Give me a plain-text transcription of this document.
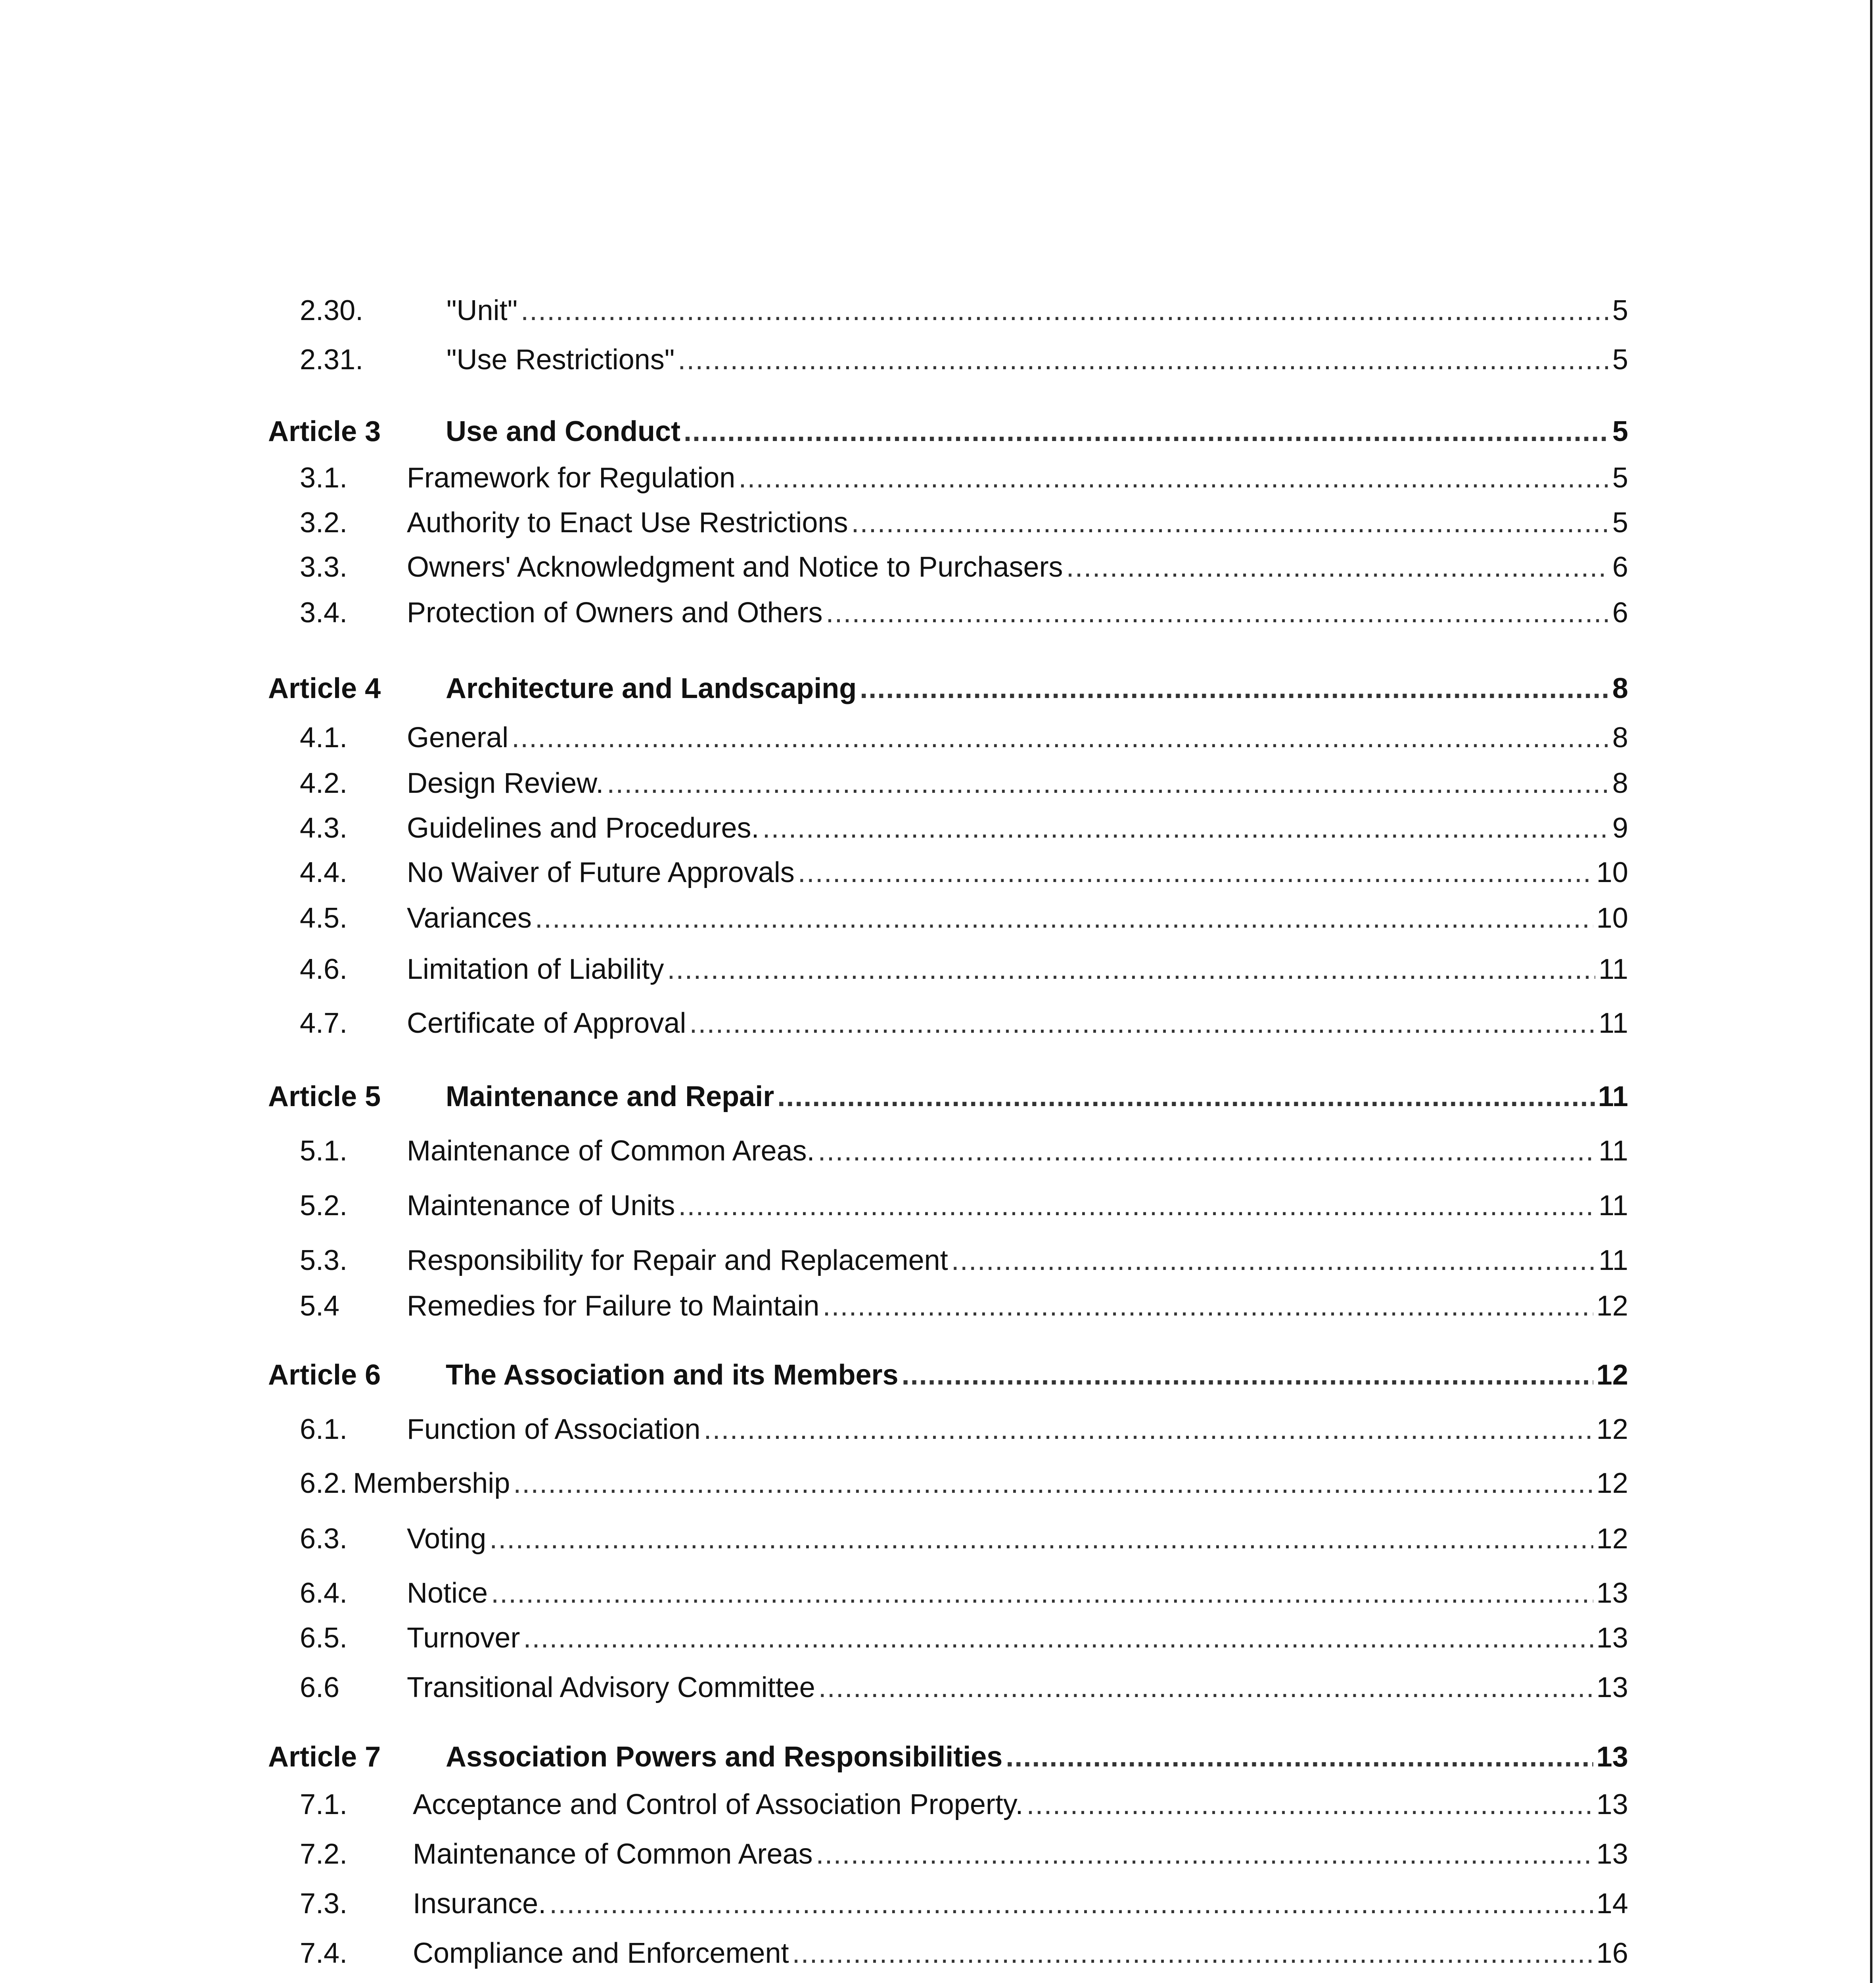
2.30.	"Unit" .....	5
2.31.	"Use Restrictions" .....	5
Article 3	Use and Conduct .....	5
3.1.	Framework for Regulation .....	5
3.2.	Authority to Enact Use Restrictions .....	5
3.3.	Owners' Acknowledgment and Notice to Purchasers .....	6
3.4.	Protection of Owners and Others .....	6
Article 4	Architecture and Landscaping .....	8
4.1.	General .....	8
4.2.	Design Review. .....	8
4.3.	Guidelines and Procedures. .....	9
4.4.	No Waiver of Future Approvals .....	10
4.5.	Variances .....	10
4.6.	Limitation of Liability .....	11
4.7.	Certificate of Approval .....	11
Article 5	Maintenance and Repair .....	11
5.1.	Maintenance of Common Areas. .....	11
5.2.	Maintenance of Units .....	11
5.3.	Responsibility for Repair and Replacement .....	11
5.4	Remedies for Failure to Maintain .....	12
Article 6	The Association and its Members .....	12
6.1.	Function of Association .....	12
6.2. Membership .....	12
6.3.	Voting .....	12
6.4.	Notice .....	13
6.5.	Turnover .....	13
6.6	Transitional Advisory Committee .....	13
Article 7	Association Powers and Responsibilities .....	13
7.1.	Acceptance and Control of Association Property. .....	13
7.2.	Maintenance of Common Areas .....	13
7.3.	Insurance. .....	14
7.4.	Compliance and Enforcement .....	16
